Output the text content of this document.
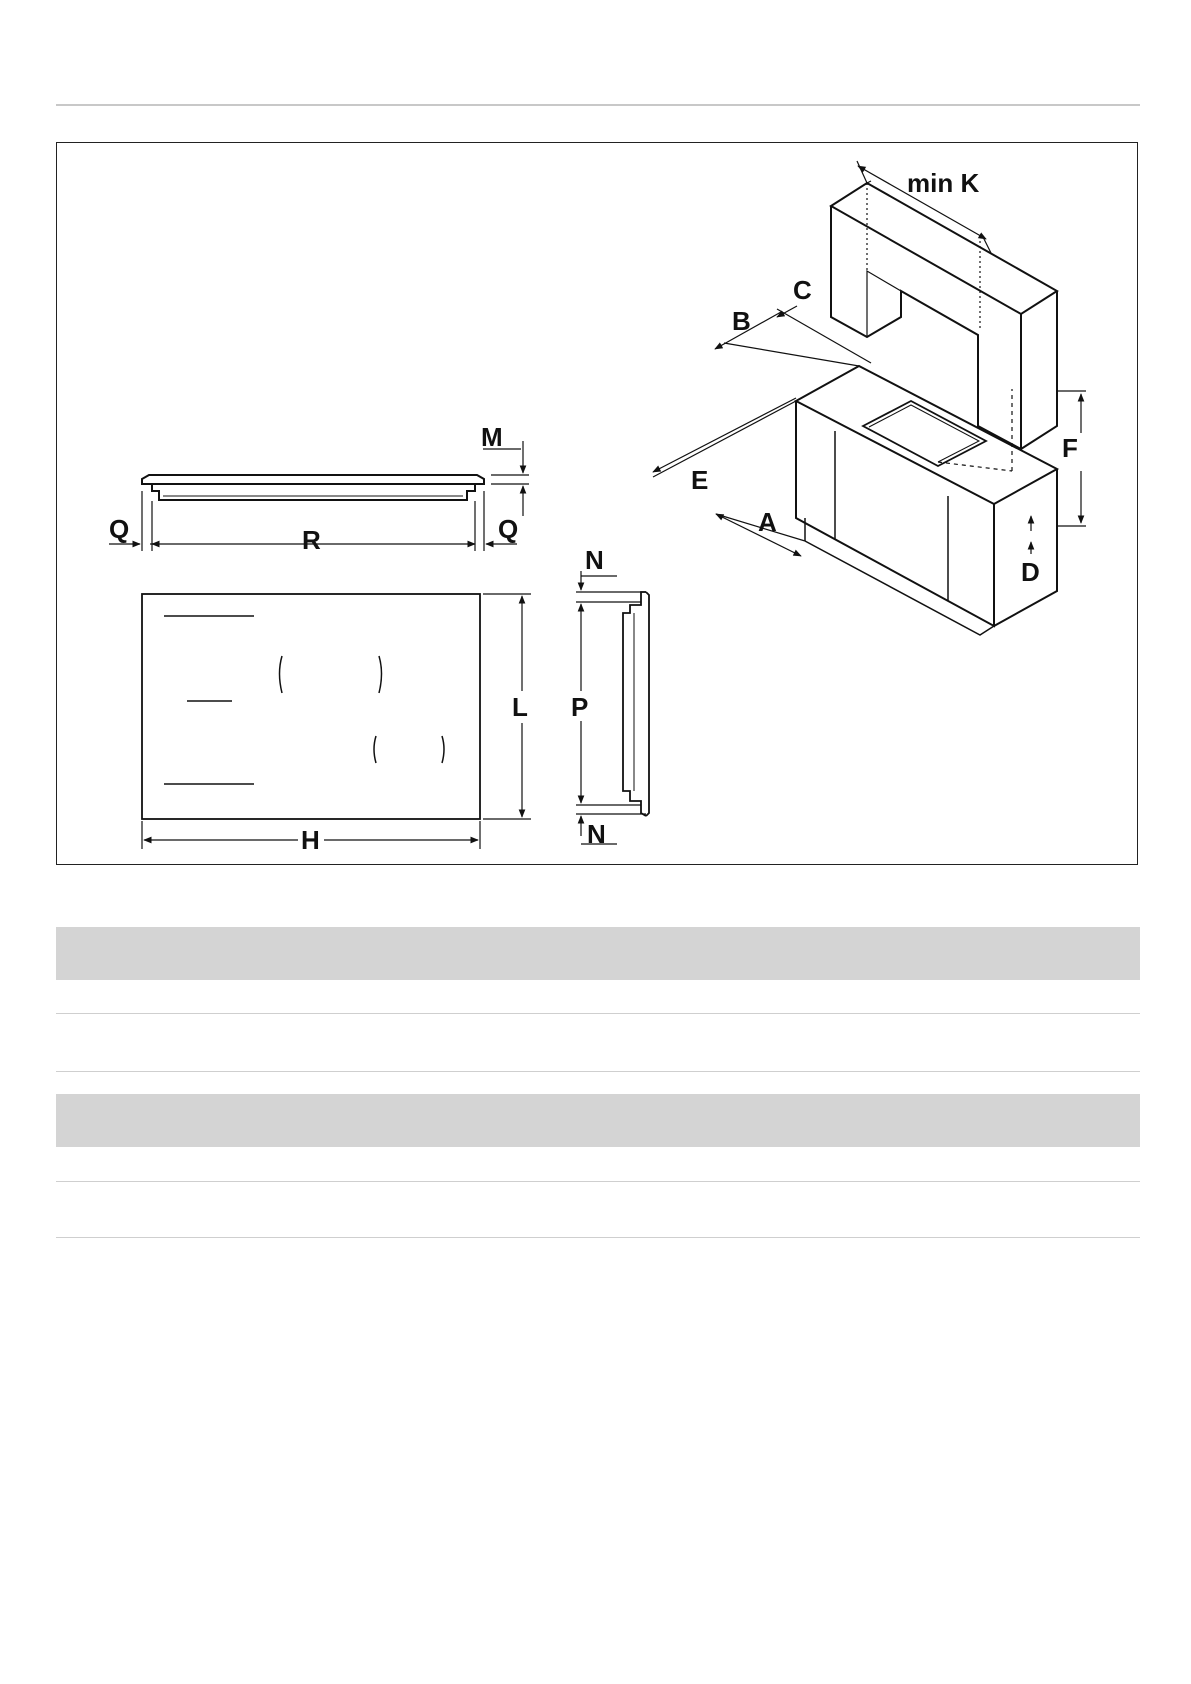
min K
C
B
F
E
A
D
M
Q	R	Q
N
L P
N
H
